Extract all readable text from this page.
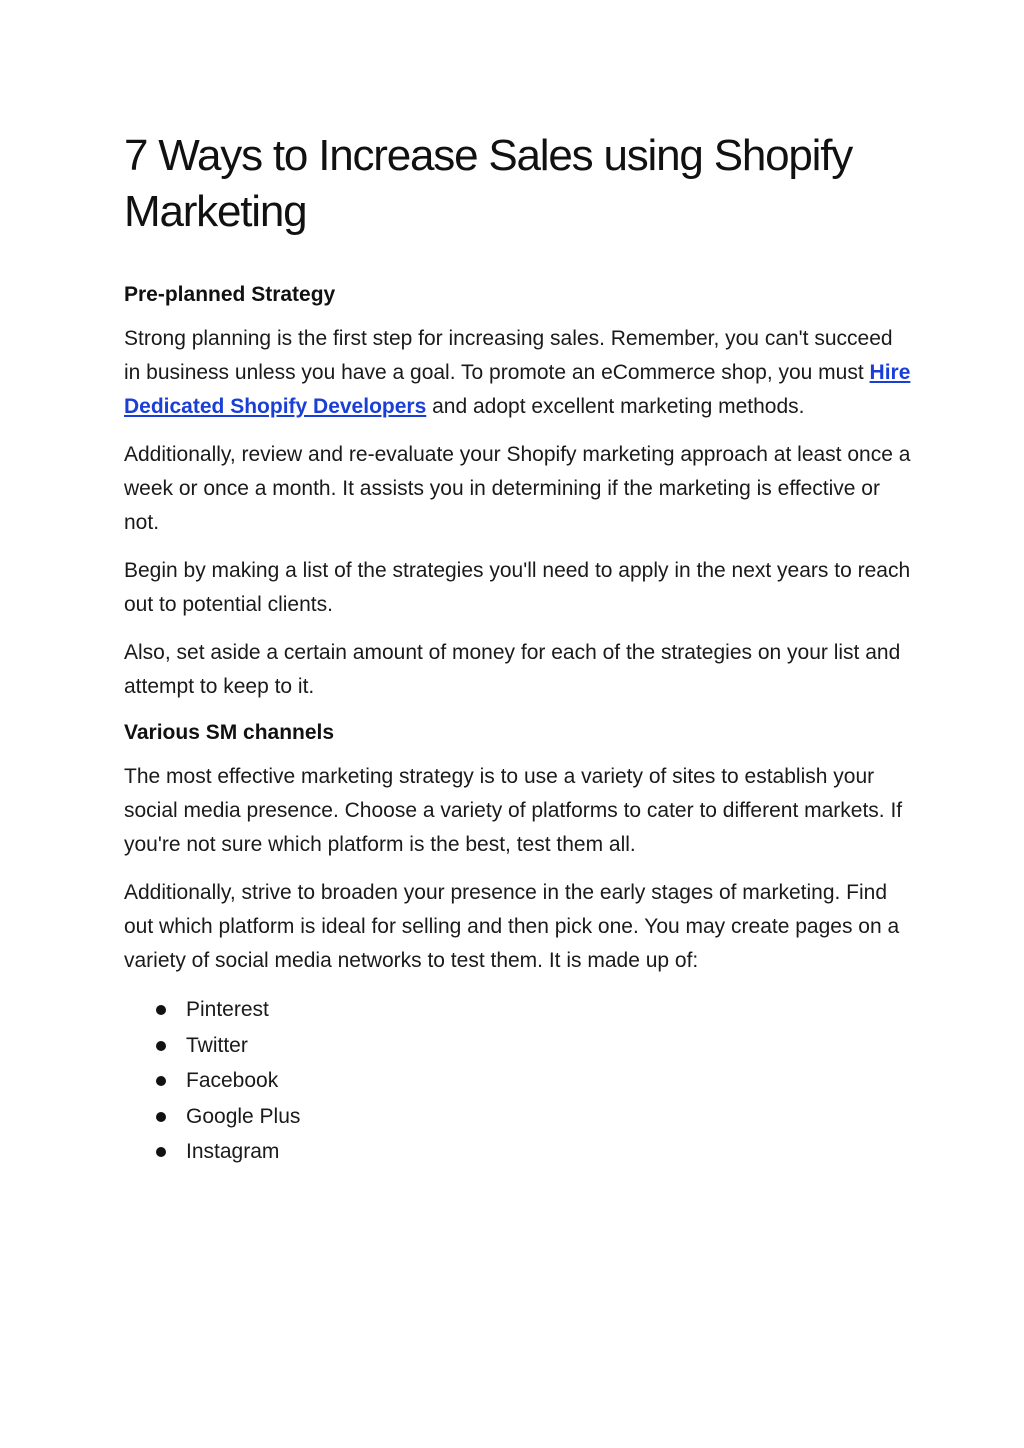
7 Ways to Increase Sales using Shopify Marketing
Pre-planned Strategy

Strong planning is the first step for increasing sales. Remember, you can't succeed in business unless you have a goal. To promote an eCommerce shop, you must Hire Dedicated Shopify Developers and adopt excellent marketing methods.

Additionally, review and re-evaluate your Shopify marketing approach at least once a week or once a month. It assists you in determining if the marketing is effective or not.

Begin by making a list of the strategies you'll need to apply in the next years to reach out to potential clients.

Also, set aside a certain amount of money for each of the strategies on your list and attempt to keep to it.

Various SM channels

The most effective marketing strategy is to use a variety of sites to establish your social media presence. Choose a variety of platforms to cater to different markets. If you're not sure which platform is the best, test them all.

Additionally, strive to broaden your presence in the early stages of marketing. Find out which platform is ideal for selling and then pick one. You may create pages on a variety of social media networks to test them. It is made up of:

Pinterest
Twitter
Facebook
Google Plus
Instagram
